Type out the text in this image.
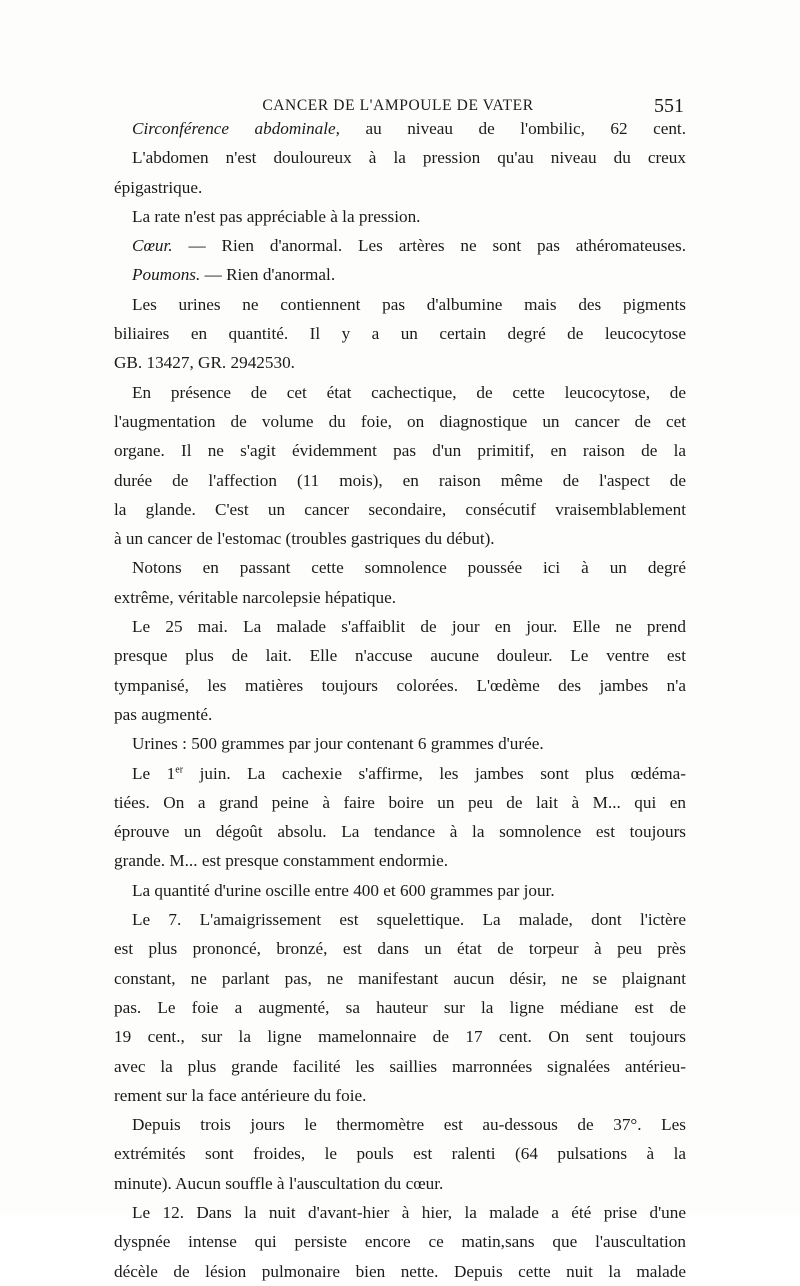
CANCER DE L'AMPOULE DE VATER	551
Circonférence abdominale, au niveau de l'ombilic, 62 cent.
L'abdomen n'est douloureux à la pression qu'au niveau du creux
épigastrique.
La rate n'est pas appréciable à la pression.
Cœur. — Rien d'anormal. Les artères ne sont pas athéromateuses.
Poumons. — Rien d'anormal.
Les urines ne contiennent pas d'albumine mais des pigments
biliaires en quantité. Il y a un certain degré de leucocytose
GB. 13427, GR. 2942530.
En présence de cet état cachectique, de cette leucocytose, de
l'augmentation de volume du foie, on diagnostique un cancer de cet
organe. Il ne s'agit évidemment pas d'un primitif, en raison de la
durée de l'affection (11 mois), en raison même de l'aspect de
la glande. C'est un cancer secondaire, consécutif vraisemblablement
à un cancer de l'estomac (troubles gastriques du début).
Notons en passant cette somnolence poussée ici à un degré
extrême, véritable narcolepsie hépatique.
Le 25 mai. La malade s'affaiblit de jour en jour. Elle ne prend
presque plus de lait. Elle n'accuse aucune douleur. Le ventre est
tympanisé, les matières toujours colorées. L'œdème des jambes n'a
pas augmenté.
Urines : 500 grammes par jour contenant 6 grammes d'urée.
Le 1er juin. La cachexie s'affirme, les jambes sont plus œdéma-
tiées. On a grand peine à faire boire un peu de lait à M... qui en
éprouve un dégoût absolu. La tendance à la somnolence est toujours
grande. M... est presque constamment endormie.
La quantité d'urine oscille entre 400 et 600 grammes par jour.
Le 7. L'amaigrissement est squelettique. La malade, dont l'ictère
est plus prononcé, bronzé, est dans un état de torpeur à peu près
constant, ne parlant pas, ne manifestant aucun désir, ne se plaignant
pas. Le foie a augmenté, sa hauteur sur la ligne médiane est de
19 cent., sur la ligne mamelonnaire de 17 cent. On sent toujours
avec la plus grande facilité les saillies marronnées signalées antérieu-
rement sur la face antérieure du foie.
Depuis trois jours le thermomètre est au-dessous de 37°. Les
extrémités sont froides, le pouls est ralenti (64 pulsations à la
minute). Aucun souffle à l'auscultation du cœur.
Le 12. Dans la nuit d'avant-hier à hier, la malade a été prise d'une
dyspnée intense qui persiste encore ce matin,sans que l'auscultation
décèle de lésion pulmonaire bien nette. Depuis cette nuit la malade
